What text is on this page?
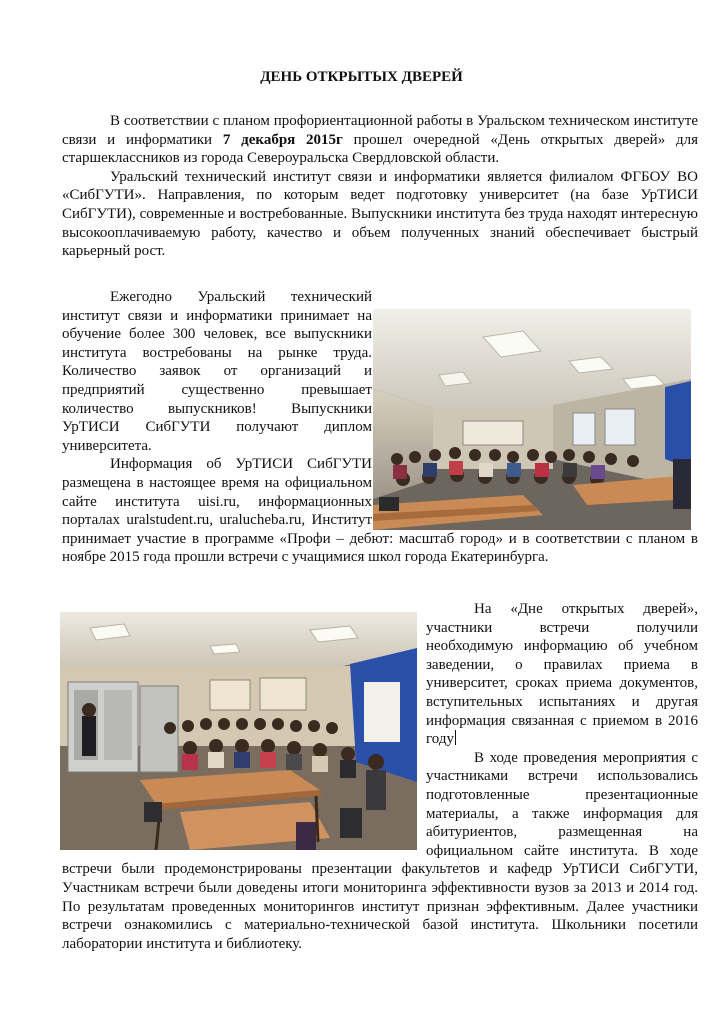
ДЕНЬ ОТКРЫТЫХ ДВЕРЕЙ

В соответствии с планом профориентационной работы в Уральском техническом институте связи и информатики 7 декабря 2015г прошел очередной «День открытых дверей» для старшеклассников из города Североуральска Свердловской области.

Уральский технический институт связи и информатики является филиалом ФГБОУ ВО «СибГУТИ». Направления, по которым ведет подготовку университет (на базе УрТИСИ СибГУТИ), современные и востребованные. Выпускники института без труда находят интересную высокооплачиваемую работу, качество и объем полученных знаний обеспечивает быстрый карьерный рост.

Ежегодно Уральский технический институт связи и информатики принимает на обучение более 300 человек, все выпускники института востребованы на рынке труда. Количество заявок от организаций и предприятий существенно превышает количество выпускников! Выпускники УрТИСИ СибГУТИ получают диплом университета.

Информация об УрТИСИ СибГУТИ размещена в настоящее время на официальном сайте института uisi.ru, информационных порталах uralstudent.ru, uralucheba.ru, Институт принимает участие в программе «Профи – дебют: масштаб город» и в соответствии с планом в ноябре 2015 года прошли встречи с учащимися школ города Екатеринбурга.

На «Дне открытых дверей», участники встречи получили необходимую информацию об учебном заведении, о правилах приема в университет, сроках приема документов, вступительных испытаниях и другая информация связанная с приемом в 2016 году

В ходе проведения мероприятия с участниками встречи использовались подготовленные презентационные материалы, а также информация для абитуриентов, размещенная на официальном сайте института. В ходе встречи были продемонстрированы презентации факультетов и кафедр УрТИСИ СибГУТИ, Участникам встречи были доведены итоги мониторинга эффективности вузов за 2013 и 2014 год. По результатам проведенных мониторингов институт признан эффективным. Далее участники встречи ознакомились с материально-технической базой института. Школьники посетили лаборатории института и библиотеку.
